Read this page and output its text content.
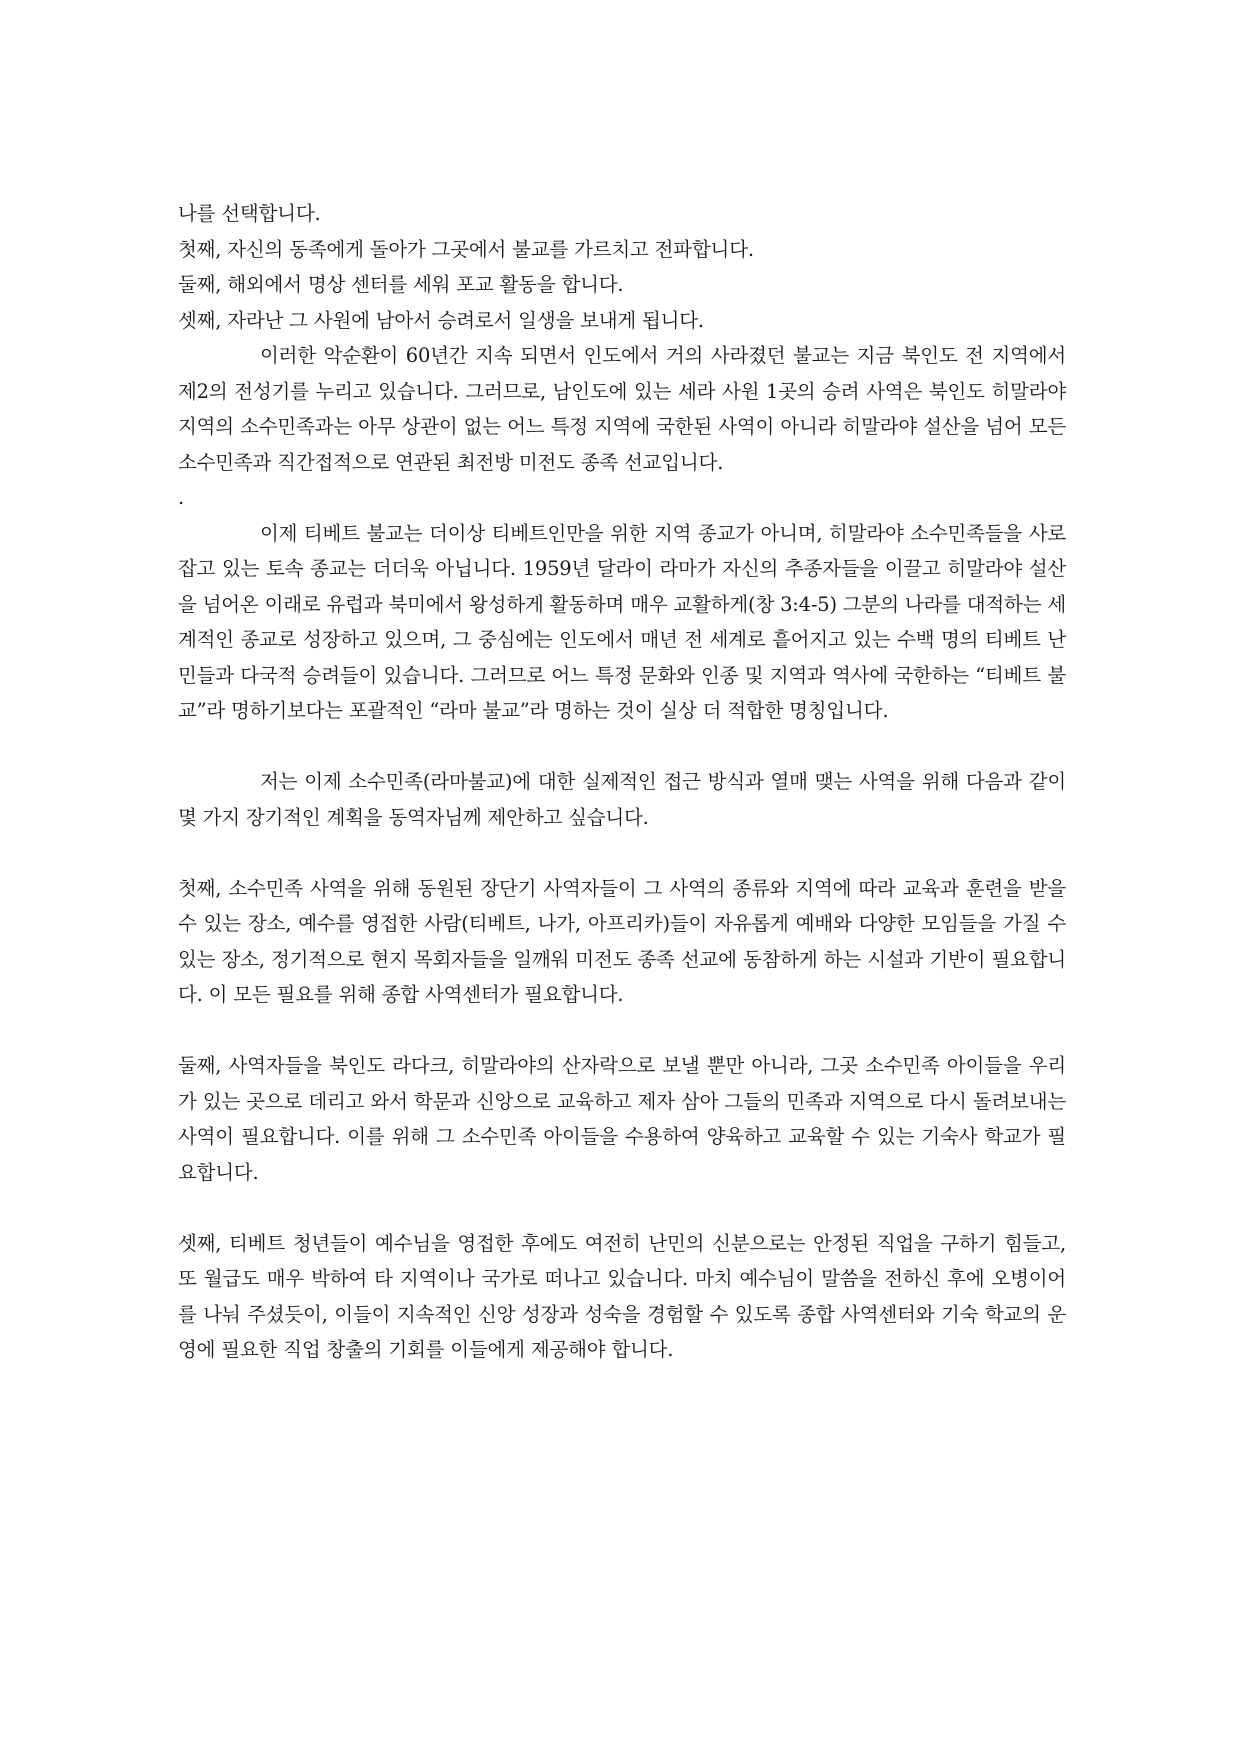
나를 선택합니다.

첫째, 자신의 동족에게 돌아가 그곳에서 불교를 가르치고 전파합니다.

둘째, 해외에서 명상 센터를 세워 포교 활동을 합니다.

셋째, 자라난 그 사원에 남아서 승려로서 일생을 보내게 됩니다.

이러한 악순환이 60년간 지속 되면서 인도에서 거의 사라졌던 불교는 지금 북인도 전 지역에서 제2의 전성기를 누리고 있습니다. 그러므로, 남인도에 있는 세라 사원 1곳의 승려 사역은 북인도 히말라야 지역의 소수민족과는 아무 상관이 없는 어느 특정 지역에 국한된 사역이 아니라 히말라야 설산을 넘어 모든 소수민족과 직간접적으로 연관된 최전방 미전도 종족 선교입니다.

.

이제 티베트 불교는 더이상 티베트인만을 위한 지역 종교가 아니며, 히말라야 소수민족들을 사로잡고 있는 토속 종교는 더더욱 아닙니다. 1959년 달라이 라마가 자신의 추종자들을 이끌고 히말라야 설산을 넘어온 이래로 유럽과 북미에서 왕성하게 활동하며 매우 교활하게(창 3:4-5) 그분의 나라를 대적하는 세계적인 종교로 성장하고 있으며, 그 중심에는 인도에서 매년 전 세계로 흩어지고 있는 수백 명의 티베트 난민들과 다국적 승려들이 있습니다. 그러므로 어느 특정 문화와 인종 및 지역과 역사에 국한하는 “티베트 불교”라 명하기보다는 포괄적인 “라마 불교”라 명하는 것이 실상 더 적합한 명칭입니다.

저는 이제 소수민족(라마불교)에 대한 실제적인 접근 방식과 열매 맺는 사역을 위해 다음과 같이 몇 가지 장기적인 계획을 동역자님께 제안하고 싶습니다.

첫째, 소수민족 사역을 위해 동원된 장단기 사역자들이 그 사역의 종류와 지역에 따라 교육과 훈련을 받을 수 있는 장소, 예수를 영접한 사람(티베트, 나가, 아프리카)들이 자유롭게 예배와 다양한 모임들을 가질 수 있는 장소, 정기적으로 현지 목회자들을 일깨워 미전도 종족 선교에 동참하게 하는 시설과 기반이 필요합니다. 이 모든 필요를 위해 종합 사역센터가 필요합니다.

둘째, 사역자들을 북인도 라다크, 히말라야의 산자락으로 보낼 뿐만 아니라, 그곳 소수민족 아이들을 우리가 있는 곳으로 데리고 와서 학문과 신앙으로 교육하고 제자 삼아 그들의 민족과 지역으로 다시 돌려보내는 사역이 필요합니다. 이를 위해 그 소수민족 아이들을 수용하여 양육하고 교육할 수 있는 기숙사 학교가 필요합니다.

셋째, 티베트 청년들이 예수님을 영접한 후에도 여전히 난민의 신분으로는 안정된 직업을 구하기 힘들고, 또 월급도 매우 박하여 타 지역이나 국가로 떠나고 있습니다. 마치 예수님이 말씀을 전하신 후에 오병이어를 나눠 주셨듯이, 이들이 지속적인 신앙 성장과 성숙을 경험할 수 있도록 종합 사역센터와 기숙 학교의 운영에 필요한 직업 창출의 기회를 이들에게 제공해야 합니다.
